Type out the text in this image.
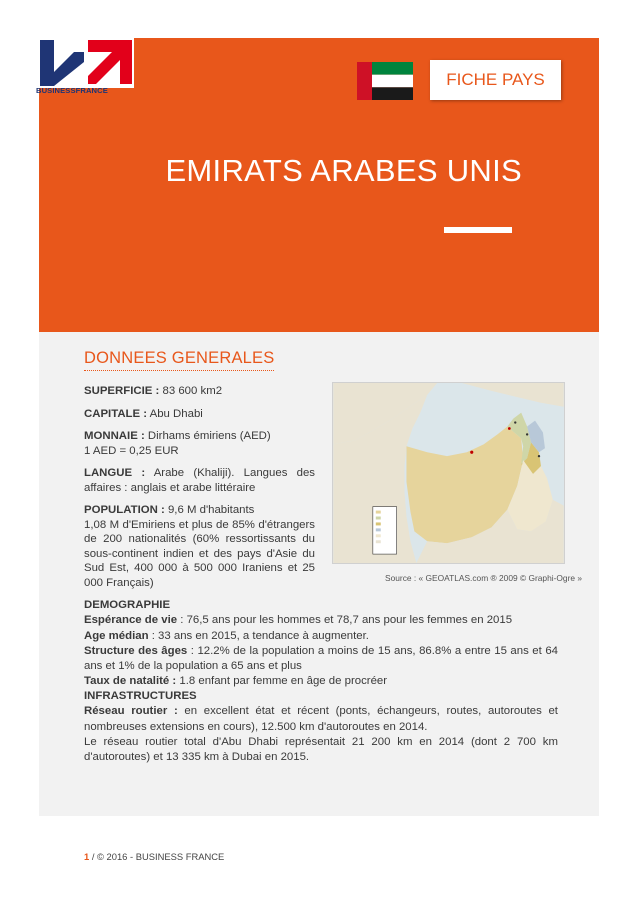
BUSINESSFRANCE
FICHE PAYS
EMIRATS ARABES UNIS
DONNEES GENERALES
SUPERFICIE : 83 600 km2
CAPITALE : Abu Dhabi
MONNAIE : Dirhams émiriens (AED)
1 AED = 0,25 EUR
LANGUE : Arabe (Khaliji). Langues des affaires : anglais et arabe littéraire
POPULATION : 9,6 M d'habitants
1,08 M d'Emiriens et plus de 85% d'étrangers de 200 nationalités (60% ressortissants du sous-continent indien et des pays d'Asie du Sud Est, 400 000 à 500 000 Iraniens et 25 000 Français)	Source : « GEOATLAS.com ® 2009 © Graphi-Ogre »
DEMOGRAPHIE

Espérance de vie : 76,5 ans pour les hommes et 78,7 ans pour les femmes en 2015

Age médian : 33 ans en 2015, a tendance à augmenter.

Structure des âges : 12.2% de la population a moins de 15 ans, 86.8% a entre 15 ans et 64 ans et 1% de la population a 65 ans et plus

Taux de natalité : 1.8 enfant par femme en âge de procréer

INFRASTRUCTURES

Réseau routier : en excellent état et récent (ponts, échangeurs, routes, autoroutes et nombreuses extensions en cours), 12.500 km d'autoroutes en 2014.

Le réseau routier total d'Abu Dhabi représentait 21 200 km en 2014 (dont 2 700 km d'autoroutes) et 13 335 km à Dubai en 2015.

1 / © 2016 - BUSINESS FRANCE
